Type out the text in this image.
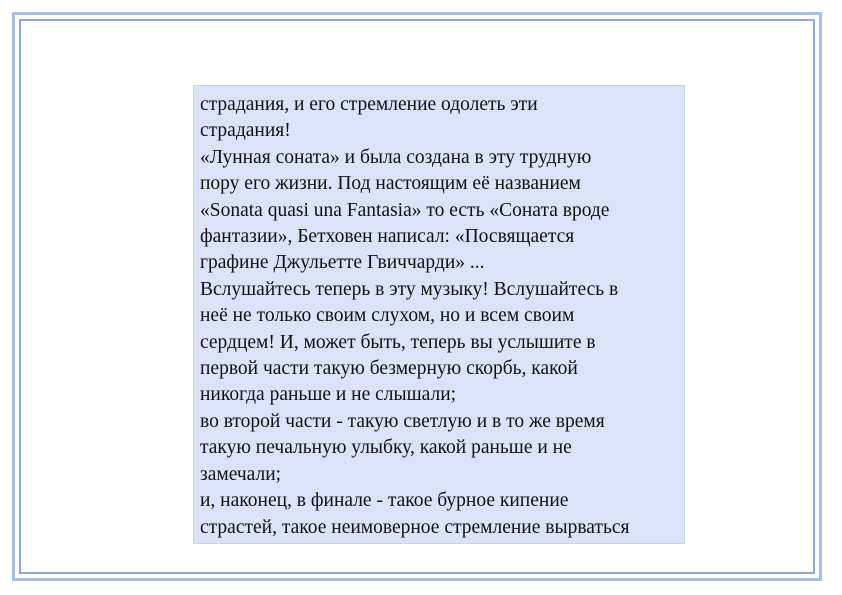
страдания, и его стремление одолеть эти
страдания!
«Лунная соната» и была создана в эту трудную
пору его жизни. Под настоящим её названием
«Sonata quasi una Fantasia» то есть «Соната вроде
фантазии», Бетховен написал: «Посвящается
графине Джульетте Гвиччарди» ...
Вслушайтесь теперь в эту музыку! Вслушайтесь в
неё не только своим слухом, но и всем своим
сердцем! И, может быть, теперь вы услышите в
первой части такую безмерную скорбь, какой
никогда раньше и не слышали;
во второй части - такую светлую и в то же время
такую печальную улыбку, какой раньше и не
замечали;
и, наконец, в финале - такое бурное кипение
страстей, такое неимоверное стремление вырваться
